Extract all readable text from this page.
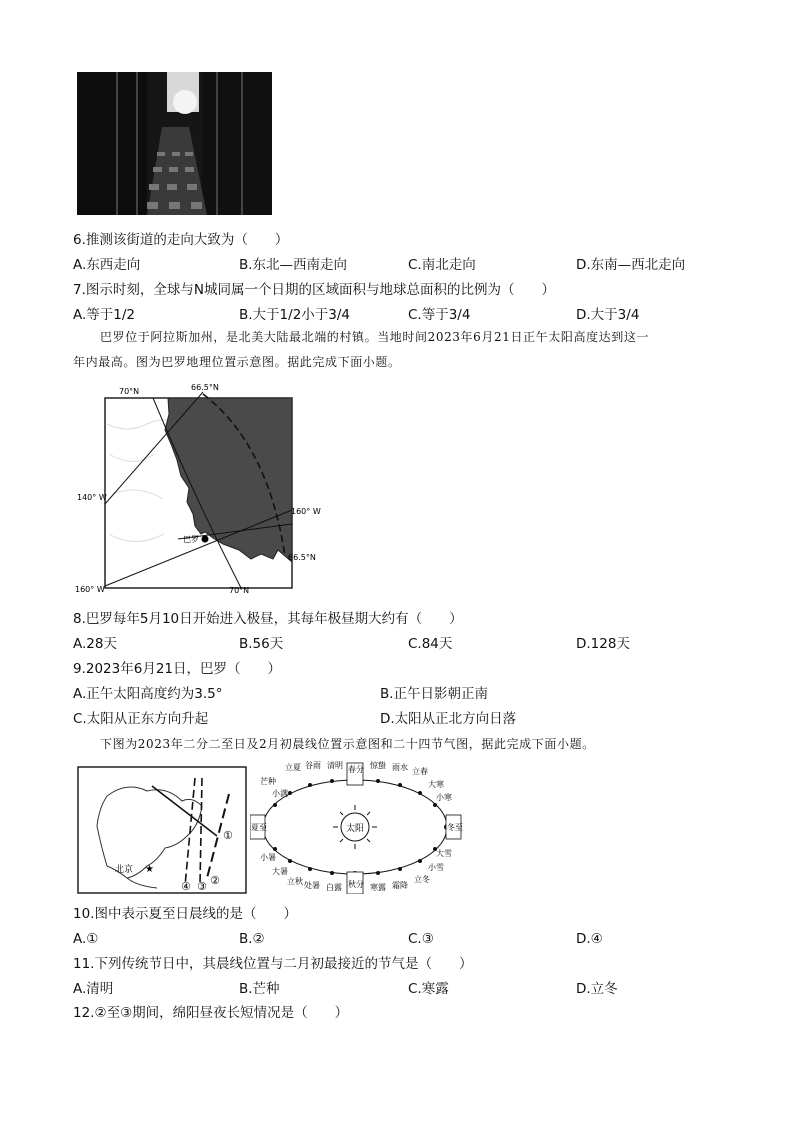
6.推测该街道的走向大致为（　　）
A.东西走向	B.东北—西南走向	C.南北走向	D.东南—西北走向
7.图示时刻，全球与N城同属一个日期的区域面积与地球总面积的比例为（　　）
A.等于1/2	B.大于1/2小于3/4	C.等于3/4	D.大于3/4
巴罗位于阿拉斯加州，是北美大陆最北端的村镇。当地时间2023年6月21日正午太阳高度达到这一
年内最高。图为巴罗地理位置示意图。据此完成下面小题。
70°N	66.5°N
140° W
160° W
巴罗
66.5°N
160° W	70°N
8.巴罗每年5月10日开始进入极昼，其每年极昼期大约有（　　）
A.28天	B.56天	C.84天	D.128天
9.2023年6月21日，巴罗（　　）
A.正午太阳高度约为3.5°	B.正午日影朝正南
C.太阳从正东方向升起	D.太阳从正北方向日落
下图为2023年二分二至日及2月初晨线位置示意图和二十四节气图，据此完成下面小题。
北京 ★
①
②
③
④
太阳
立夏 谷雨 清明 春分 惊蛰 雨水 立春
芒种
小满
大寒
小寒
夏至	冬至
小暑
大暑
立秋 处暑 白露 秋分 寒露 霜降
立冬
小雪
大雪
10.图中表示夏至日晨线的是（　　）
A.①	B.②	C.③	D.④
11.下列传统节日中，其晨线位置与二月初最接近的节气是（　　）
A.清明	B.芒种	C.寒露	D.立冬
12.②至③期间，绵阳昼夜长短情况是（　　）
